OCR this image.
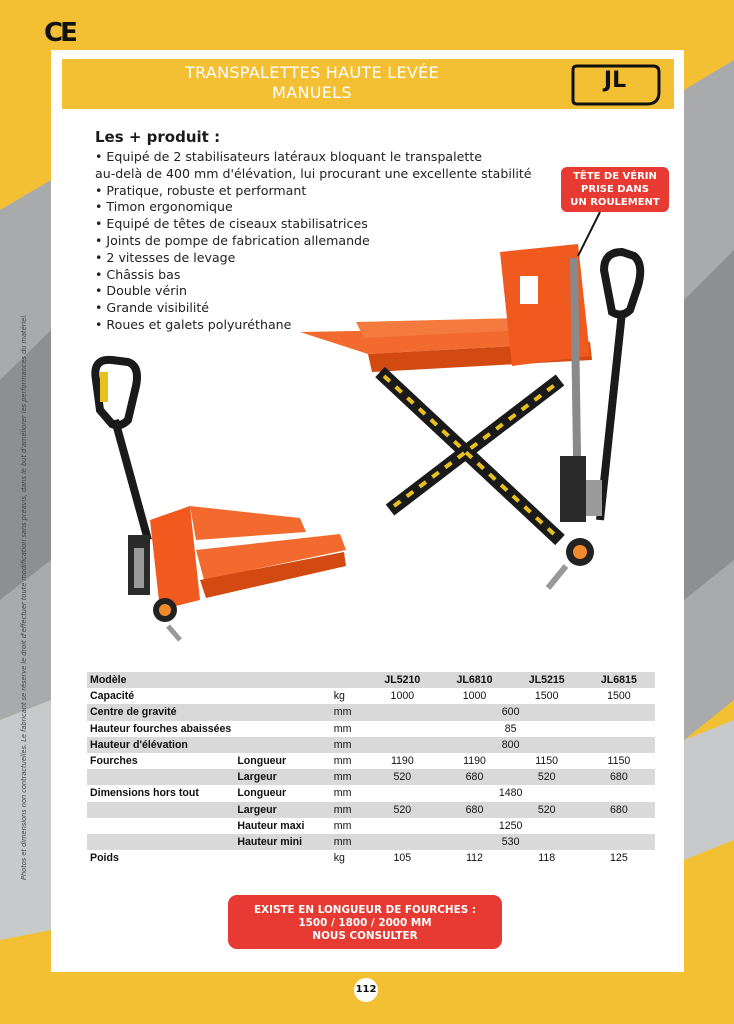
CE
Photos et dimensions non contractuelles. Le fabricant se réserve le droit d'effectuer toute modification sans préavis, dans le but d'améliorer les performances du matériel.
TRANSPALETTES HAUTE LEVÉE
MANUELS	JL
Les + produit :
• Equipé de 2 stabilisateurs latéraux bloquant le transpalette
au-delà de 400 mm d'élévation, lui procurant une excellente stabilité
• Pratique, robuste et performant
• Timon ergonomique
• Equipé de têtes de ciseaux stabilisatrices
• Joints de pompe de fabrication allemande
• 2 vitesses de levage
• Châssis bas
• Double vérin
• Grande visibilité
• Roues et galets polyuréthane
TÊTE DE VÉRIN
PRISE DANS
UN ROULEMENT
Modèle			JL5210	JL6810	JL5215	JL6815
Capacité		kg	1000	1000	1500	1500
Centre de gravité		mm	600			
Hauteur fourches abaissées		mm	85			
Hauteur d'élévation		mm	800			
Fourches	Longueur	mm	1190	1190	1150	1150
	Largeur	mm	520	680	520	680
Dimensions hors tout	Longueur	mm	1480			
	Largeur	mm	520	680	520	680
	Hauteur maxi	mm	1250			
	Hauteur mini	mm	530			
Poids		kg	105	112	118	125
EXISTE EN LONGUEUR DE FOURCHES :
1500 / 1800 / 2000 MM
NOUS CONSULTER
112
